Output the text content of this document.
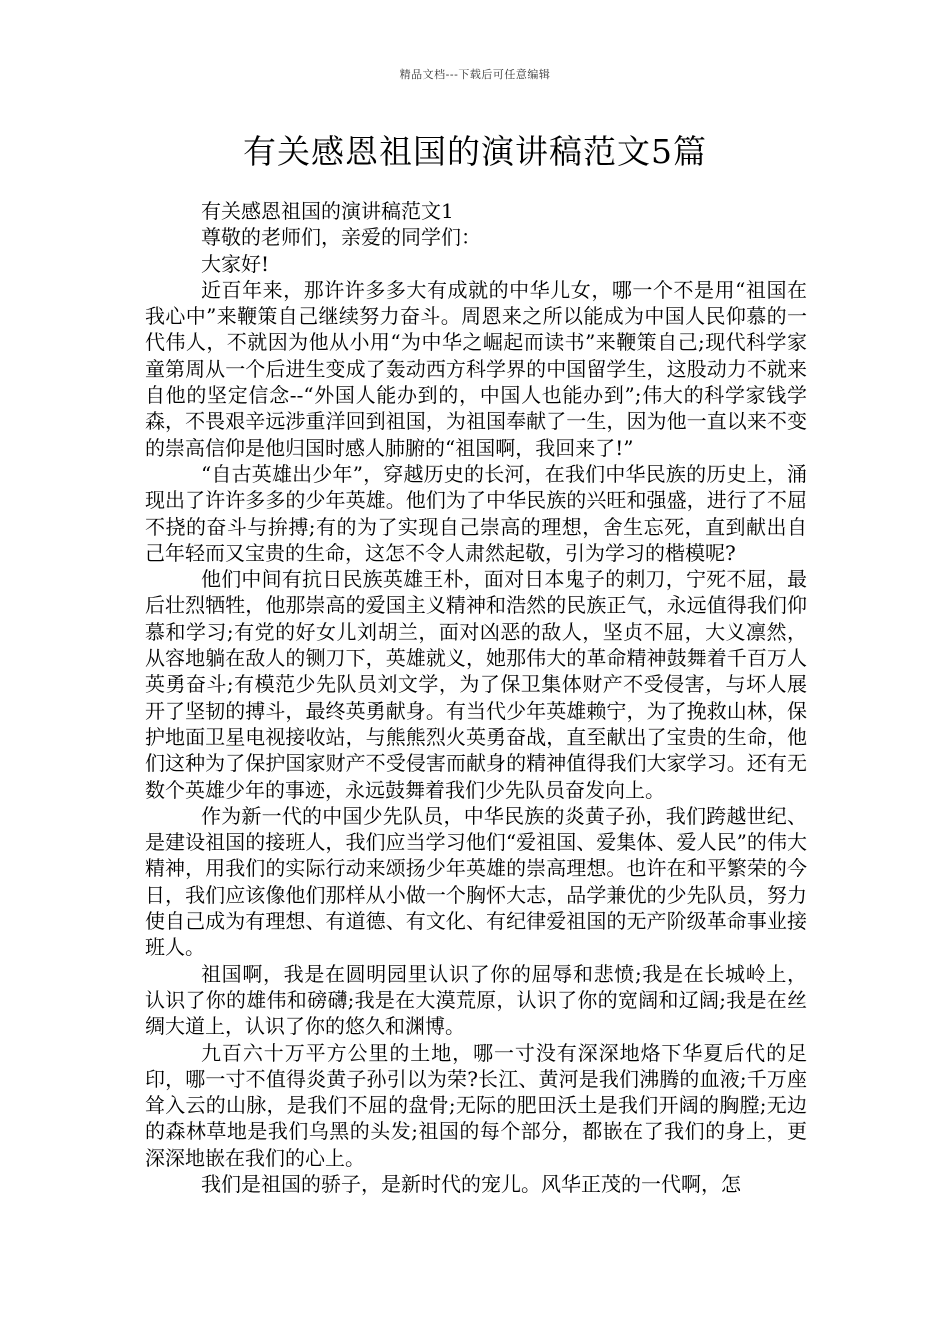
精品文档---下载后可任意编辑
有关感恩祖国的演讲稿范文5篇
有关感恩祖国的演讲稿范文1
尊敬的老师们，亲爱的同学们：
大家好!

近百年来，那许许多多大有成就的中华儿女，哪一个不是用“祖国在我心中”来鞭策自己继续努力奋斗。周恩来之所以能成为中国人民仰慕的一代伟人，不就因为他从小用“为中华之崛起而读书”来鞭策自己;现代科学家童第周从一个后进生变成了轰动西方科学界的中国留学生，这股动力不就来自他的坚定信念--“外国人能办到的，中国人也能办到”;伟大的科学家钱学森，不畏艰辛远涉重洋回到祖国，为祖国奉献了一生，因为他一直以来不变的崇高信仰是他归国时感人肺腑的“祖国啊，我回来了!”

“自古英雄出少年”，穿越历史的长河，在我们中华民族的历史上，涌现出了许许多多的少年英雄。他们为了中华民族的兴旺和强盛，进行了不屈不挠的奋斗与拚搏;有的为了实现自己崇高的理想，舍生忘死，直到献出自己年轻而又宝贵的生命，这怎不令人肃然起敬，引为学习的楷模呢?

他们中间有抗日民族英雄王朴，面对日本鬼子的刺刀，宁死不屈，最后壮烈牺牲，他那崇高的爱国主义精神和浩然的民族正气，永远值得我们仰慕和学习;有党的好女儿刘胡兰，面对凶恶的敌人，坚贞不屈，大义凛然，从容地躺在敌人的铡刀下，英雄就义，她那伟大的革命精神鼓舞着千百万人英勇奋斗;有模范少先队员刘文学，为了保卫集体财产不受侵害，与坏人展开了坚韧的搏斗，最终英勇献身。有当代少年英雄赖宁，为了挽救山林，保护地面卫星电视接收站，与熊熊烈火英勇奋战，直至献出了宝贵的生命，他们这种为了保护国家财产不受侵害而献身的精神值得我们大家学习。还有无数个英雄少年的事迹，永远鼓舞着我们少先队员奋发向上。

作为新一代的中国少先队员，中华民族的炎黄子孙，我们跨越世纪、是建设祖国的接班人，我们应当学习他们“爱祖国、爱集体、爱人民”的伟大精神，用我们的实际行动来颂扬少年英雄的崇高理想。也许在和平繁荣的今日，我们应该像他们那样从小做一个胸怀大志，品学兼优的少先队员，努力使自己成为有理想、有道德、有文化、有纪律爱祖国的无产阶级革命事业接班人。

祖国啊，我是在圆明园里认识了你的屈辱和悲愤;我是在长城岭上，认识了你的雄伟和磅礴;我是在大漠荒原，认识了你的宽阔和辽阔;我是在丝绸大道上，认识了你的悠久和渊博。

九百六十万平方公里的土地，哪一寸没有深深地烙下华夏后代的足印，哪一寸不值得炎黄子孙引以为荣?长江、黄河是我们沸腾的血液;千万座耸入云的山脉，是我们不屈的盘骨;无际的肥田沃土是我们开阔的胸膛;无边的森林草地是我们乌黑的头发;祖国的每个部分，都嵌在了我们的身上，更深深地嵌在我们的心上。

我们是祖国的骄子，是新时代的宠儿。风华正茂的一代啊，怎
